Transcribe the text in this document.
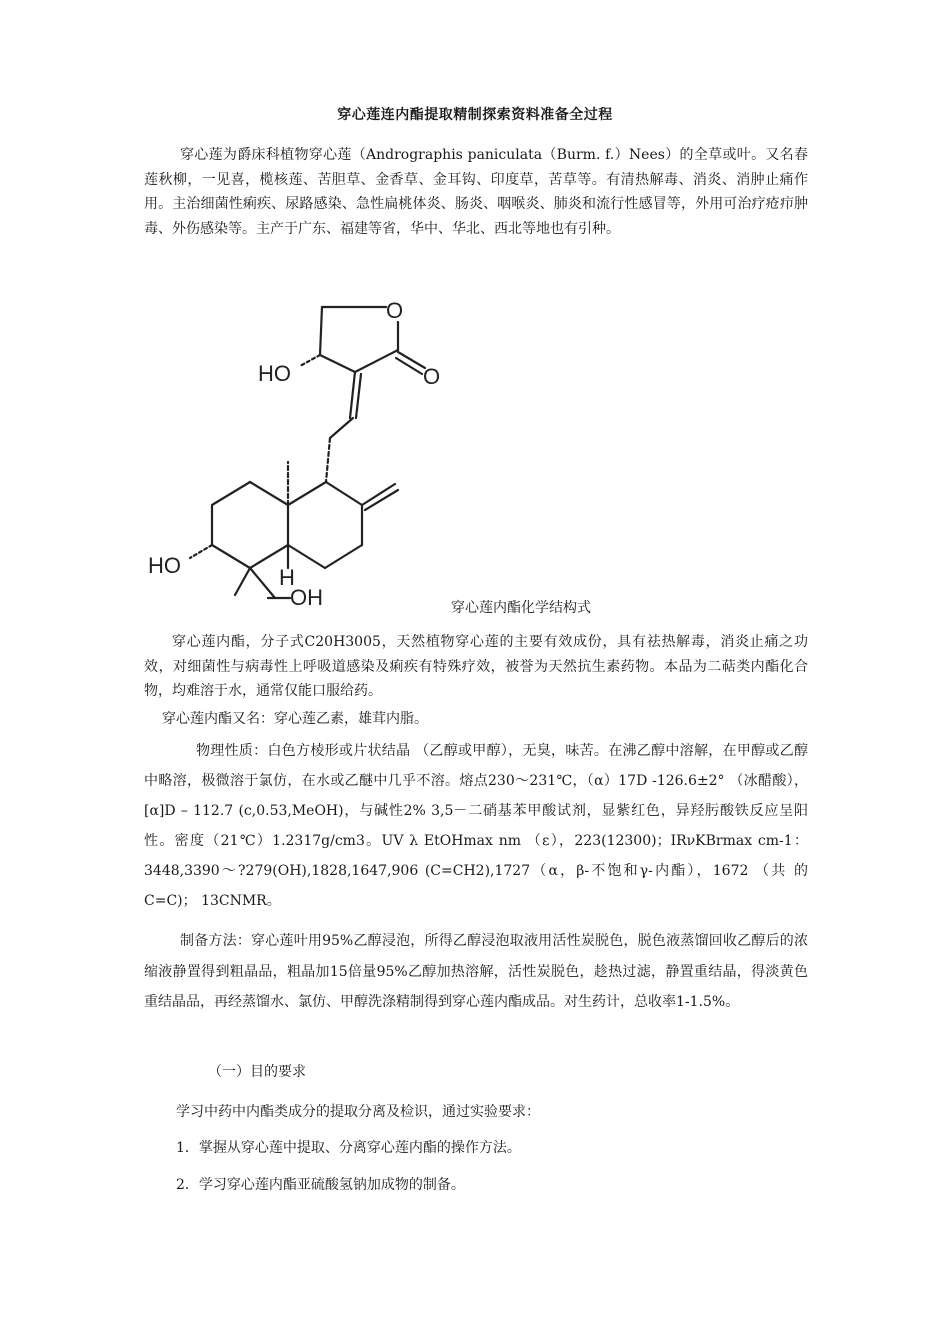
穿心莲连内酯提取精制探索资料准备全过程

穿心莲为爵床科植物穿心莲（Andrographis paniculata（Burm. f.）Nees）的全草或叶。又名春莲秋柳，一见喜，榄核莲、苦胆草、金香草、金耳钩、印度草，苦草等。有清热解毒、消炎、消肿止痛作用。主治细菌性痢疾、尿路感染、急性扁桃体炎、肠炎、咽喉炎、肺炎和流行性感冒等，外用可治疗疮疖肿毒、外伤感染等。主产于广东、福建等省，华中、华北、西北等地也有引种。

O
O
HO
HO	H
OH	穿心莲内酯化学结构式

穿心莲内酯，分子式C20H3005，天然植物穿心莲的主要有效成份，具有祛热解毒，消炎止痛之功效，对细菌性与病毒性上呼吸道感染及痢疾有特殊疗效，被誉为天然抗生素药物。本品为二萜类内酯化合物，均难溶于水，通常仅能口服给药。

穿心莲内酯又名：穿心莲乙素，雄茸内脂。

物理性质：白色方棱形或片状结晶 （乙醇或甲醇），无臭，味苦。在沸乙醇中溶解，在甲醇或乙醇中略溶，极微溶于氯仿，在水或乙醚中几乎不溶。熔点230～231℃，（α）17D -126.6±2° （冰醋酸），[α]D – 112.7 (c,0.53,MeOH)，与碱性2% 3,5－二硝基苯甲酸试剂，显紫红色，异羟肟酸铁反应呈阳性。密度（21℃）1.2317g/cm3。UV λ EtOHmax nm （ε），223(12300)；IRνKBrmax cm-1：3448,3390～?279(OH),1828,1647,906 (C=CH2),1727（α，β-不饱和γ-内酯），1672 （共 的 C=C)； 13CNMR。

制备方法：穿心莲叶用95%乙醇浸泡，所得乙醇浸泡取液用活性炭脱色，脱色液蒸馏回收乙醇后的浓缩液静置得到粗晶品，粗晶加15倍量95%乙醇加热溶解，活性炭脱色，趁热过滤，静置重结晶，得淡黄色重结晶品，再经蒸馏水、氯仿、甲醇洗涤精制得到穿心莲内酯成品。对生药计，总收率1-1.5%。

（一）目的要求

学习中药中内酯类成分的提取分离及检识，通过实验要求：

1．掌握从穿心莲中提取、分离穿心莲内酯的操作方法。

2．学习穿心莲内酯亚硫酸氢钠加成物的制备。
